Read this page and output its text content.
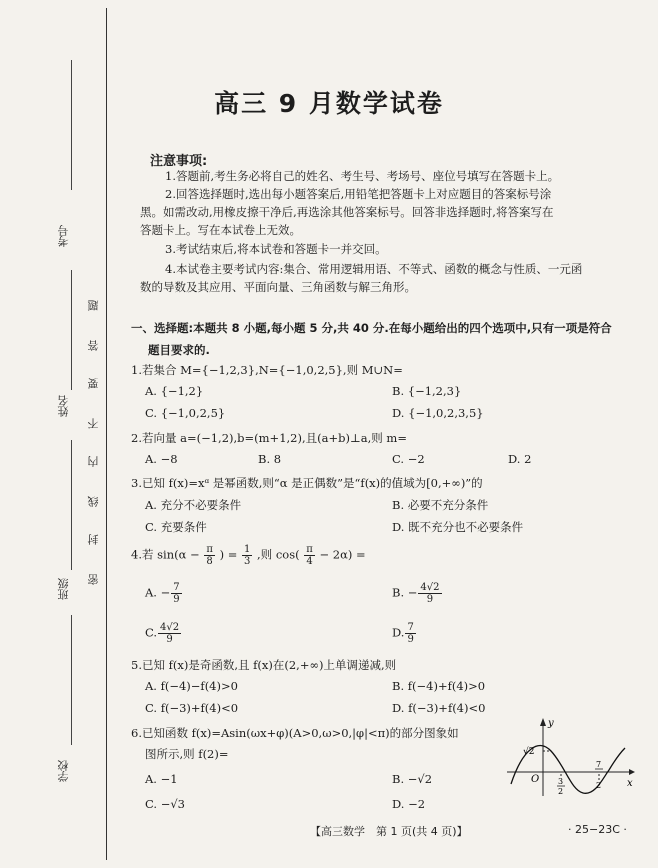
考号
姓名
班级
学校
题
答
要
不
内
线
封
密
高三 9 月数学试卷
注意事项:
1.答题前,考生务必将自己的姓名、考生号、考场号、座位号填写在答题卡上。
2.回答选择题时,选出每小题答案后,用铅笔把答题卡上对应题目的答案标号涂
黑。如需改动,用橡皮擦干净后,再选涂其他答案标号。回答非选择题时,将答案写在
答题卡上。写在本试卷上无效。
3.考试结束后,将本试卷和答题卡一并交回。
4.本试卷主要考试内容:集合、常用逻辑用语、不等式、函数的概念与性质、一元函
数的导数及其应用、平面向量、三角函数与解三角形。
一、选择题:本题共 8 小题,每小题 5 分,共 40 分.在每小题给出的四个选项中,只有一项是符合
题目要求的.
1.若集合 M={−1,2,3},N={−1,0,2,5},则 M∪N=
A. {−1,2}	B. {−1,2,3}
C. {−1,0,2,5}	D. {−1,0,2,3,5}
2.若向量 a=(−1,2),b=(m+1,2),且(a+b)⊥a,则 m=
A. −8	B. 8	C. −2	D. 2
3.已知 f(x)=xᵅ 是幂函数,则“α 是正偶数”是“f(x)的值域为[0,+∞)”的
A. 充分不必要条件	B. 必要不充分条件
C. 充要条件	D. 既不充分也不必要条件
4.若 $\sin(\alpha - \frac{\pi}{8}$ ) = $\frac{1}{3}$ ,则 $\cos( \frac{\pi}{4} - 2\alpha)$ =
A. − $\frac{7}{9}$	B. − $\frac{4√2}{9}$
C. $\frac{4√2}{9}$	D. $\frac{7}{9}$
5.已知 f(x)是奇函数,且 f(x)在(2,+∞)上单调递减,则
A. f(−4)−f(4)>0	B. f(−4)+f(4)>0
C. f(−3)+f(4)<0	D. f(−3)+f(4)<0
6.已知函数 f(x)=Asin(ωx+φ)(A>0,ω>0,|φ|<π)的部分图象如
图所示,则 f(2)=
A. −1	B. −√2
C. −√3	D. −2
y
x
O
√2
3
2
7
2
【高三数学　第 1 页(共 4 页)】	· 25−23C ·
